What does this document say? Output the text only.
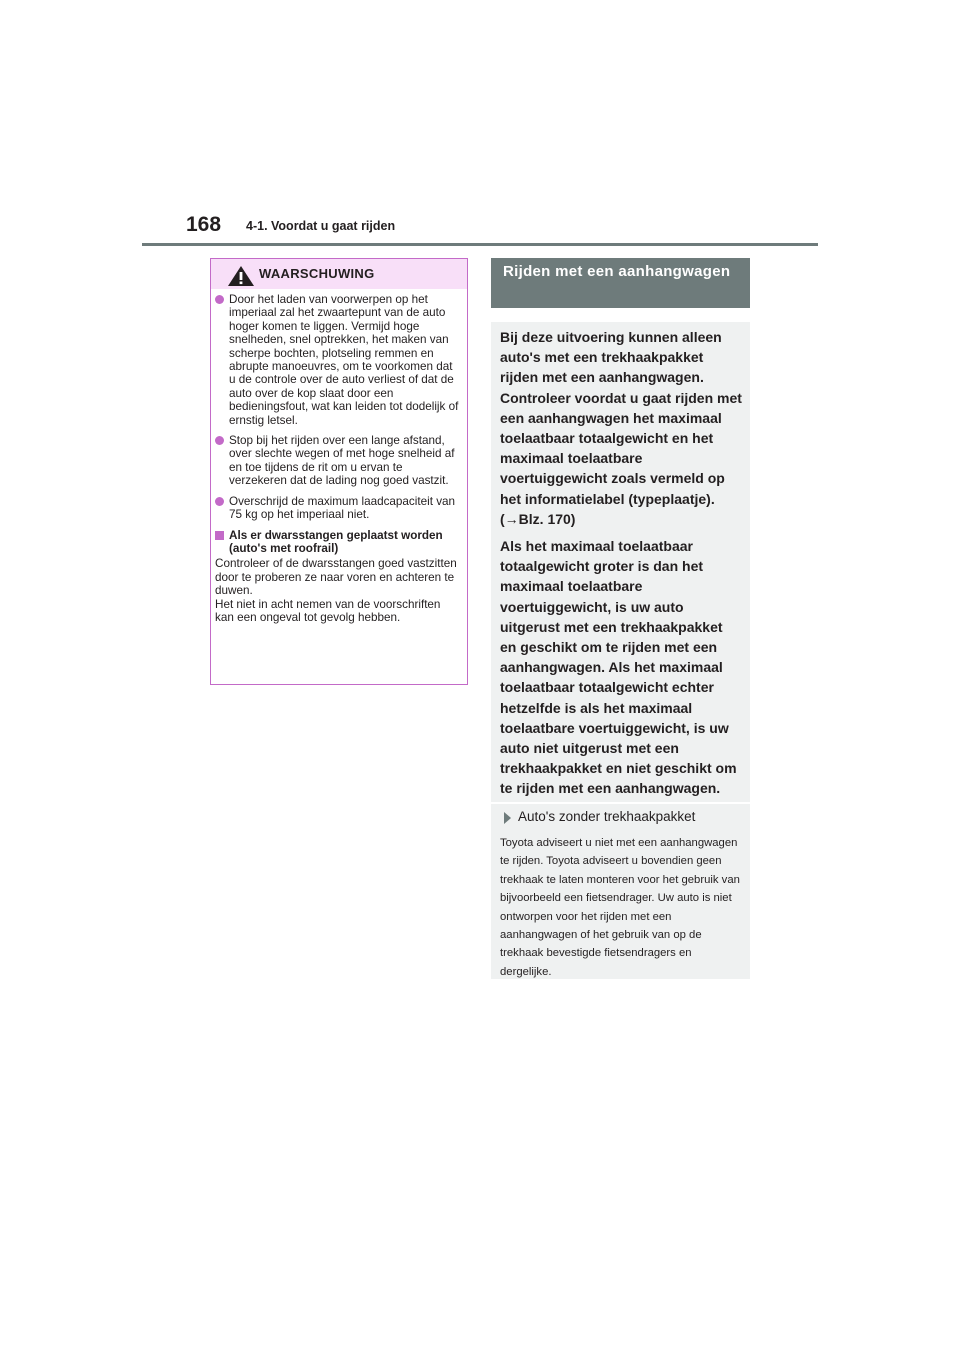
168 4-1. Voordat u gaat rijden
WAARSCHUWING
Door het laden van voorwerpen op het imperiaal zal het zwaartepunt van de auto hoger komen te liggen. Vermijd hoge snelheden, snel optrekken, het maken van scherpe bochten, plotseling remmen en abrupte manoeuvres, om te voorkomen dat u de controle over de auto verliest of dat de auto over de kop slaat door een bedieningsfout, wat kan leiden tot dodelijk of ernstig letsel.
Stop bij het rijden over een lange afstand, over slechte wegen of met hoge snelheid af en toe tijdens de rit om u ervan te verzekeren dat de lading nog goed vastzit.
Overschrijd de maximum laadcapaciteit van 75 kg op het imperiaal niet.
Als er dwarsstangen geplaatst worden (auto's met roofrail)
Controleer of de dwarsstangen goed vastzitten door te proberen ze naar voren en achteren te duwen.
Het niet in acht nemen van de voorschriften kan een ongeval tot gevolg hebben.
Rijden met een aanhangwagen

Bij deze uitvoering kunnen alleen auto's met een trekhaakpakket rijden met een aanhangwagen. Controleer voordat u gaat rijden met een aanhangwagen het maximaal toelaatbaar totaalgewicht en het maximaal toelaatbare voertuiggewicht zoals vermeld op het informatielabel (typeplaatje).

(→Blz. 170)

Als het maximaal toelaatbaar totaalgewicht groter is dan het maximaal toelaatbare voertuiggewicht, is uw auto uitgerust met een trekhaakpakket en geschikt om te rijden met een aanhangwagen. Als het maximaal toelaatbaar totaalgewicht echter hetzelfde is als het maximaal toelaatbare voertuiggewicht, is uw auto niet uitgerust met een trekhaakpakket en niet geschikt om te rijden met een aanhangwagen.

Auto's zonder trekhaakpakket
Toyota adviseert u niet met een aanhangwagen te rijden. Toyota adviseert u bovendien geen trekhaak te laten monteren voor het gebruik van bijvoorbeeld een fietsendrager. Uw auto is niet ontworpen voor het rijden met een aanhangwagen of het gebruik van op de trekhaak bevestigde fietsendragers en dergelijke.
